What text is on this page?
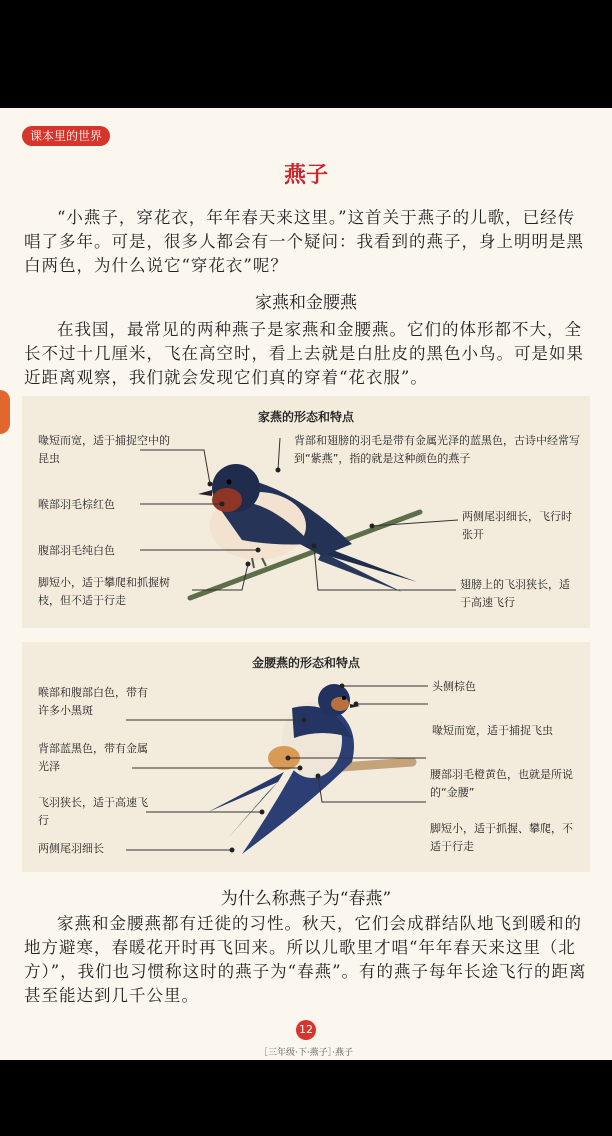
课本里的世界
燕子

“小燕子，穿花衣，年年春天来这里。”这首关于燕子的儿歌，已经传唱了多年。可是，很多人都会有一个疑问：我看到的燕子，身上明明是黑白两色，为什么说它“穿花衣”呢？

家燕和金腰燕

在我国，最常见的两种燕子是家燕和金腰燕。它们的体形都不大，全长不过十几厘米，飞在高空时，看上去就是白肚皮的黑色小鸟。可是如果近距离观察，我们就会发现它们真的穿着“花衣服”。

家燕的形态和特点
喙短而宽，适于捕捉空中的昆虫
喉部羽毛棕红色
腹部羽毛纯白色
脚短小，适于攀爬和抓握树枝，但不适于行走
背部和翅膀的羽毛是带有金属光泽的蓝黑色，古诗中经常写到“紫燕”，指的就是这种颜色的燕子
两侧尾羽细长，飞行时张开
翅膀上的飞羽狭长，适于高速飞行
金腰燕的形态和特点
喉部和腹部白色，带有许多小黑斑
背部蓝黑色，带有金属光泽
飞羽狭长，适于高速飞行
两侧尾羽细长
头侧棕色
喙短而宽，适于捕捉飞虫
腰部羽毛橙黄色，也就是所说的“金腰”
脚短小，适于抓握、攀爬，不适于行走
为什么称燕子为“春燕”

家燕和金腰燕都有迁徙的习性。秋天，它们会成群结队地飞到暖和的地方避寒，春暖花开时再飞回来。所以儿歌里才唱“年年春天来这里（北方）”，我们也习惯称这时的燕子为“春燕”。有的燕子每年长途飞行的距离甚至能达到几千公里。

12
［三年级·下·燕子］·燕子
